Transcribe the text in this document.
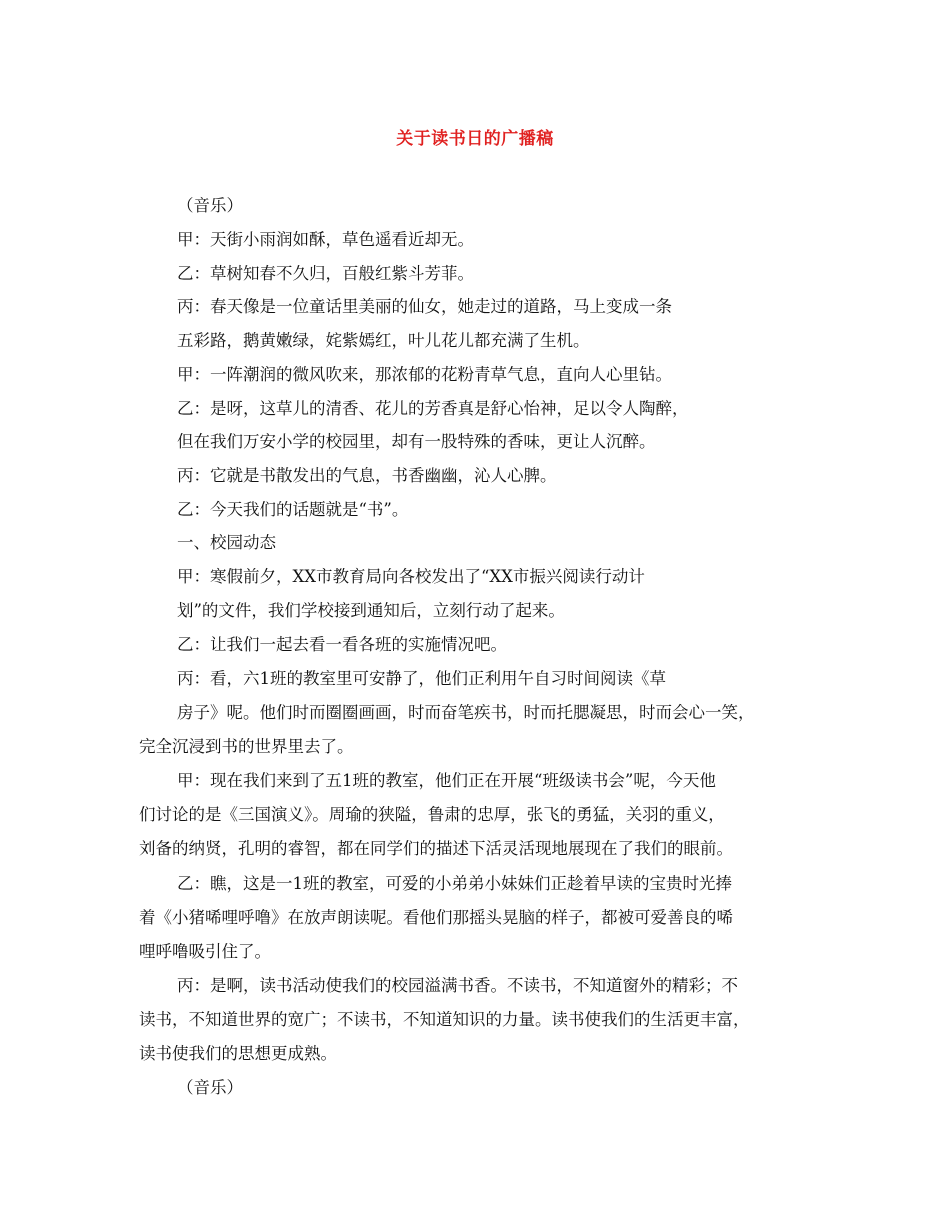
关于读书日的广播稿
（音乐）
甲：天街小雨润如酥，草色遥看近却无。
乙：草树知春不久归，百般红紫斗芳菲。
丙：春天像是一位童话里美丽的仙女，她走过的道路，马上变成一条
五彩路，鹅黄嫩绿，姹紫嫣红，叶儿花儿都充满了生机。
甲：一阵潮润的微风吹来，那浓郁的花粉青草气息，直向人心里钻。
乙：是呀，这草儿的清香、花儿的芳香真是舒心怡神，足以令人陶醉，
但在我们万安小学的校园里，却有一股特殊的香味，更让人沉醉。
丙：它就是书散发出的气息，书香幽幽，沁人心脾。
乙：今天我们的话题就是“书”。
一、校园动态
甲：寒假前夕，XX市教育局向各校发出了“XX市振兴阅读行动计
划”的文件，我们学校接到通知后，立刻行动了起来。
乙：让我们一起去看一看各班的实施情况吧。
丙：看，六1班的教室里可安静了，他们正利用午自习时间阅读《草
房子》呢。他们时而圈圈画画，时而奋笔疾书，时而托腮凝思，时而会心一笑，
完全沉浸到书的世界里去了。
甲：现在我们来到了五1班的教室，他们正在开展“班级读书会”呢，今天他
们讨论的是《三国演义》。周瑜的狭隘，鲁肃的忠厚，张飞的勇猛，关羽的重义，
刘备的纳贤，孔明的睿智，都在同学们的描述下活灵活现地展现在了我们的眼前。
乙：瞧，这是一1班的教室，可爱的小弟弟小妹妹们正趁着早读的宝贵时光捧
着《小猪唏哩呼噜》在放声朗读呢。看他们那摇头晃脑的样子，都被可爱善良的唏
哩呼噜吸引住了。
丙：是啊，读书活动使我们的校园溢满书香。不读书，不知道窗外的精彩；不
读书，不知道世界的宽广；不读书，不知道知识的力量。读书使我们的生活更丰富，
读书使我们的思想更成熟。
（音乐）
